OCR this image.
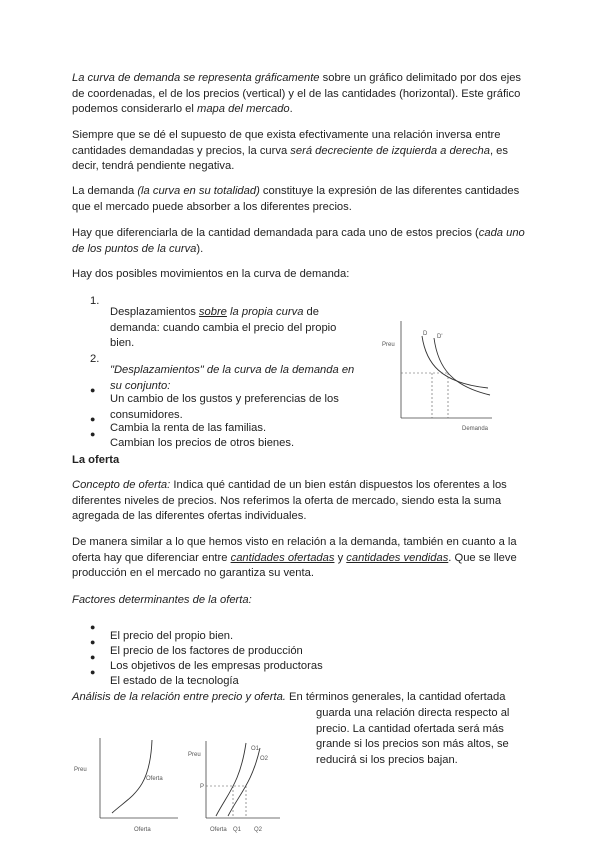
La curva de demanda se representa gráficamente sobre un gráfico delimitado por dos ejes de coordenadas, el de los precios (vertical) y el de las cantidades (horizontal). Este gráfico podemos considerarlo el mapa del mercado.

Siempre que se dé el supuesto de que exista efectivamente una relación inversa entre cantidades demandadas y precios, la curva será decreciente de izquierda a derecha, es decir, tendrá pendiente negativa.

La demanda (la curva en su totalidad) constituye la expresión de las diferentes cantidades que el mercado puede absorber a los diferentes precios.

Hay que diferenciarla de la cantidad demandada para cada uno de estos precios (cada uno de los puntos de la curva).

Hay dos posibles movimientos en la curva de demanda:

1.

Desplazamientos sobre la propia curva de demanda: cuando cambia el precio del propio bien.

2.

"Desplazamientos" de la curva de la demanda en su conjunto:

●

Un cambio de los gustos y preferencias de los consumidores.

●

Cambia la renta de las familias.

●

Cambian los precios de otros bienes.

Preu
Demanda
D D'

La oferta

Concepto de oferta: Indica qué cantidad de un bien están dispuestos los oferentes a los diferentes niveles de precios. Nos referimos la oferta de mercado, siendo esta la suma agregada de las diferentes ofertas individuales.

De manera similar a lo que hemos visto en relación a la demanda, también en cuanto a la oferta hay que diferenciar entre cantidades ofertadas y cantidades vendidas. Que se lleve producción en el mercado no garantiza su venta.

Factores determinantes de la oferta:

●

El precio del propio bien.

●

El precio de los factores de producción

●

Los objetivos de les empresas productoras

●

El estado de la tecnología

Análisis de la relación entre precio y oferta. En términos generales, la cantidad ofertada

guarda una relación directa respecto al precio. La cantidad ofertada será más grande si los precios son más altos, se reducirá si los precios bajan.

Preu
Oferta
Oferta
Preu
P
O1
O2
Oferta Q1 Q2
